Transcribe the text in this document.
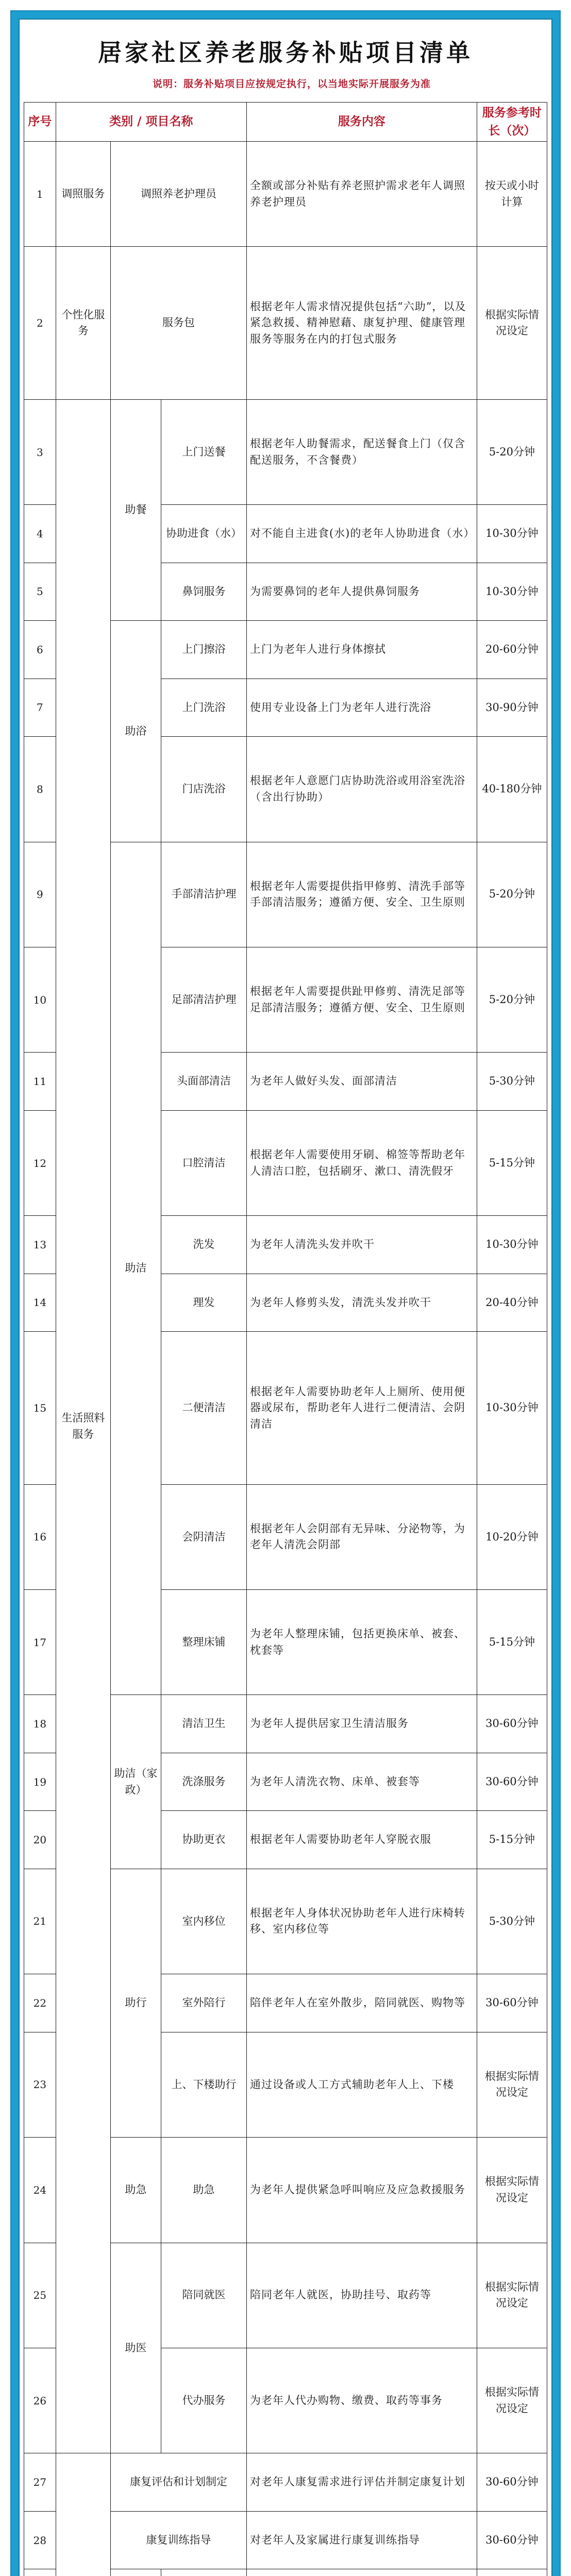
居家社区养老服务补贴项目清单
说明：服务补贴项目应按规定执行，以当地实际开展服务为准
序号	类别 / 项目名称			服务内容	服务参考时长（次）
1	调照服务	调照养老护理员		全额或部分补贴有养老照护需求老年人调照养老护理员	按天或小时计算
2	个性化服务	服务包		根据老年人需求情况提供包括“六助”，以及紧急救援、精神慰藉、康复护理、健康管理服务等服务在内的打包式服务	根据实际情况设定
3	生活照料服务	助餐	上门送餐	根据老年人助餐需求，配送餐食上门（仅含配送服务，不含餐费）	5-20分钟
4			协助进食（水）	对不能自主进食(水)的老年人协助进食（水）	10-30分钟
5			鼻饲服务	为需要鼻饲的老年人提供鼻饲服务	10-30分钟
6		助浴	上门擦浴	上门为老年人进行身体擦拭	20-60分钟
7			上门洗浴	使用专业设备上门为老年人进行洗浴	30-90分钟
8			门店洗浴	根据老年人意愿门店协助洗浴或用浴室洗浴（含出行协助）	40-180分钟
9		助洁	手部清洁护理	根据老年人需要提供指甲修剪、清洗手部等手部清洁服务；遵循方便、安全、卫生原则	5-20分钟
10			足部清洁护理	根据老年人需要提供趾甲修剪、清洗足部等足部清洁服务；遵循方便、安全、卫生原则	5-20分钟
11			头面部清洁	为老年人做好头发、面部清洁	5-30分钟
12			口腔清洁	根据老年人需要使用牙刷、棉签等帮助老年人清洁口腔，包括刷牙、漱口、清洗假牙	5-15分钟
13			洗发	为老年人清洗头发并吹干	10-30分钟
14			理发	为老年人修剪头发，清洗头发并吹干	20-40分钟
15			二便清洁	根据老年人需要协助老年人上厕所、使用便器或尿布，帮助老年人进行二便清洁、会阴清洁	10-30分钟
16			会阴清洁	根据老年人会阴部有无异味、分泌物等，为老年人清洗会阴部	10-20分钟
17			整理床铺	为老年人整理床铺，包括更换床单、被套、枕套等	5-15分钟
18		助洁（家政）	清洁卫生	为老年人提供居家卫生清洁服务	30-60分钟
19			洗涤服务	为老年人清洗衣物、床单、被套等	30-60分钟
20			协助更衣	根据老年人需要协助老年人穿脱衣服	5-15分钟
21		助行	室内移位	根据老年人身体状况协助老年人进行床椅转移、室内移位等	5-30分钟
22			室外陪行	陪伴老年人在室外散步，陪同就医、购物等	30-60分钟
23			上、下楼助行	通过设备或人工方式辅助老年人上、下楼	根据实际情况设定
24		助急	助急	为老年人提供紧急呼叫响应及应急救援服务	根据实际情况设定
25		助医	陪同就医	陪同老年人就医，协助挂号、取药等	根据实际情况设定
26			代办服务	为老年人代办购物、缴费、取药等事务	根据实际情况设定
27		康复评估和计划制定		对老年人康复需求进行评估并制定康复计划	30-60分钟
28		康复训练指导		对老年人及家属进行康复训练指导	30-60分钟
